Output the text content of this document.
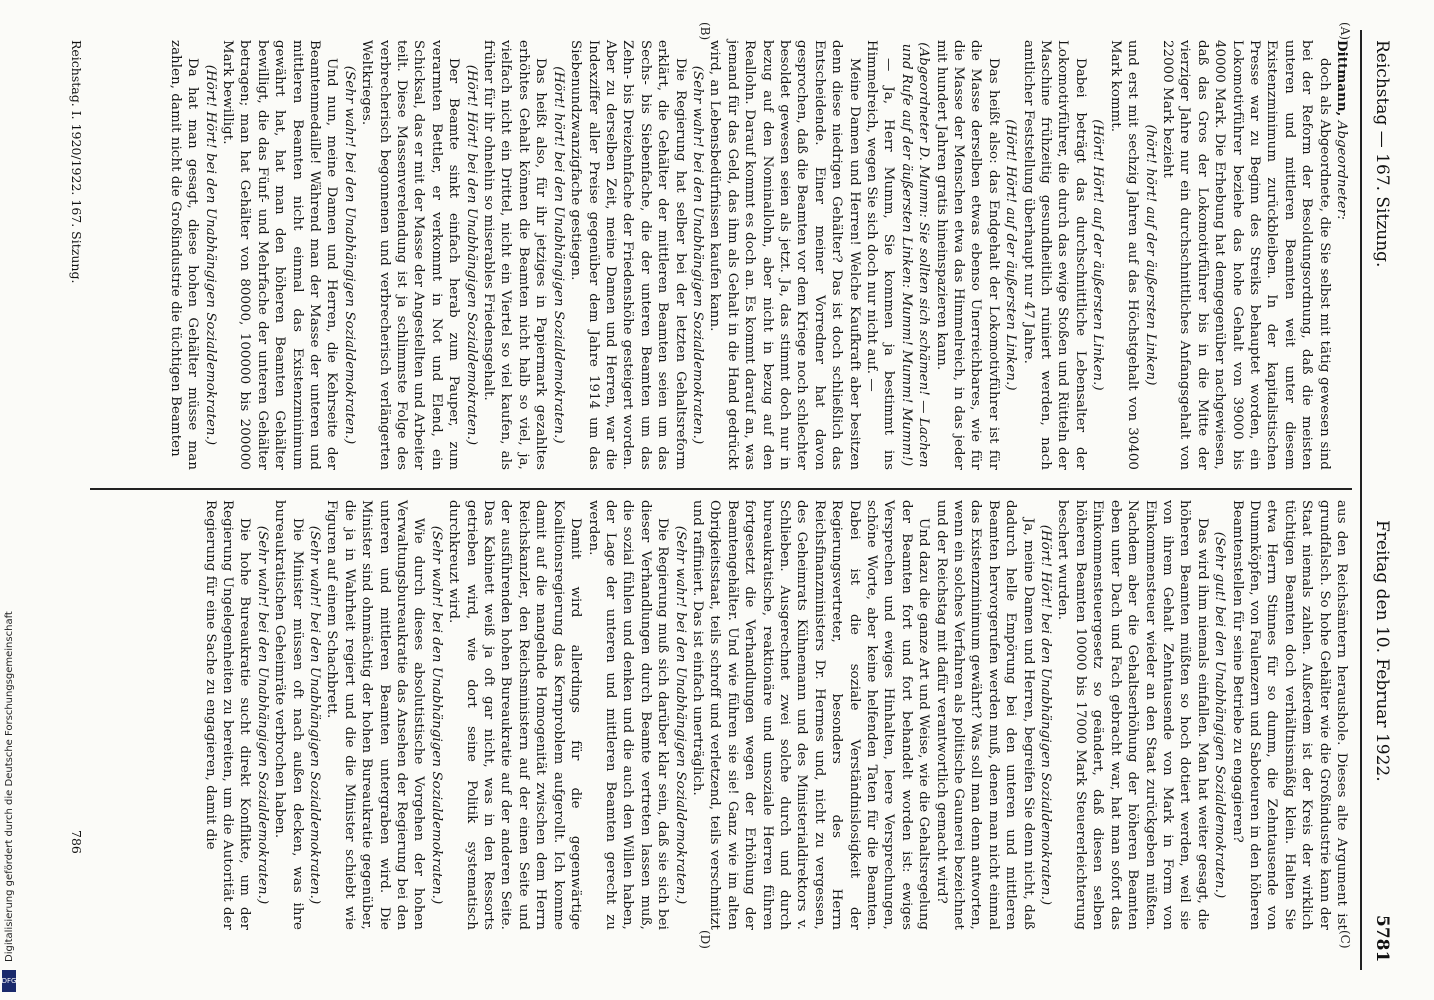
Reichstag — 167. Sitzung.
Freitag den 10. Februar 1922.
5781
(A)
(B)
(C)
(D)

Dittmann, Abgeordneter:

doch als Abgeordnete, die Sie selbst mit tätig gewesen sind bei der Reform der Besoldungsordnung, daß die meisten unteren und mittleren Beamten weit unter diesem Existenzminimum zurückbleiben. In der kapitalistischen Presse war zu Beginn des Streiks behauptet worden, ein Lokomotivführer beziehe das hohe Gehalt von 39000 bis 40000 Mark. Die Erhebung hat demgegenüber nachgewiesen, daß das Gros der Lokomotivführer bis in die Mitte der vierziger Jahre nur ein durchschnittliches Anfangsgehalt von 22000 Mark bezieht

(hört! hört! auf der äußersten Linken)

und erst mit sechzig Jahren auf das Höchstgehalt von 30400 Mark kommt.

(Hört! Hört! auf der äußersten Linken.)

Dabei beträgt das durchschnittliche Lebensalter der Lokomotivführer, die durch das ewige Stoßen und Rütteln der Maschine frühzeitig gesundheitlich ruiniert werden, nach amtlicher Feststellung überhaupt nur 47 Jahre.

(Hört! Hört! auf der äußersten Linken.)

Das heißt also: das Endgehalt der Lokomotivführer ist für die Masse derselben etwas ebenso Unerreichbares, wie für die Masse der Menschen etwa das Himmelreich, in das jeder mit hundert Jahren gratis hineinspazieren kann.

(Abgeordneter D. Mumm: Sie sollten sich schämen! — Lachen und Rufe auf der äußersten Linken: Mumm! Mumm! Mumm!)

— Ja, Herr Mumm, Sie kommen ja bestimmt ins Himmelreich, wegen Sie sich doch nur nicht auf. —

Meine Damen und Herren! Welche Kaufkraft aber besitzen denn diese niedrigen Gehälter? Das ist doch schließlich das Entscheidende. Einer meiner Vorredner hat davon gesprochen, daß die Beamten vor dem Kriege noch schlechter besoldet gewesen seien als jetzt. Ja, das stimmt doch nur in bezug auf den Nominallohn, aber nicht in bezug auf den Reallohn. Darauf kommt es doch an. Es kommt darauf an, was jemand für das Geld, das ihm als Gehalt in die Hand gedrückt wird, an Lebensbedürfnissen kaufen kann.

(Sehr wahr! bei den Unabhängigen Sozialdemokraten.)

Die Regierung hat selber bei der letzten Gehaltsreform erklärt, die Gehälter der mittleren Beamten seien um das Sechs- bis Siebenfache, die der unteren Beamten um das Zehn- bis Dreizehnfache der Friedenshöhe gesteigert worden. Aber zu derselben Zeit, meine Damen und Herren, war die Indexziffer aller Preise gegenüber dem Jahre 1914 um das Siebenundzwanzigfache gestiegen.

(Hört! hört! bei den Unabhängigen Sozialdemokraten.)

Das heißt also, für ihr jetziges in Papiermark gezahltes erhöhtes Gehalt können die Beamten nicht halb so viel, ja, vielfach nicht ein Drittel, nicht ein Viertel so viel kaufen, als früher für ihr ohnehin so miserables Friedensgehalt.

(Hört! Hört! bei den Unabhängigen Sozialdemokraten.)

Der Beamte sinkt einfach herab zum Pauper, zum verarmten Bettler, er verkommt in Not und Elend, ein Schicksal, das er mit der Masse der Angestellten und Arbeiter teilt. Diese Massenverelendung ist ja schlimmste Folge des verbrecherisch begonnenen und verbrecherisch verlängerten Weltkrieges.

(Sehr wahr! bei den Unabhängigen Sozialdemokraten.)

Und nun, meine Damen und Herren, die Kehrseite der Beamtenmedaille! Während man der Masse der unteren und mittleren Beamten nicht einmal das Existenzminimum gewährt hat, hat man den höheren Beamten Gehälter bewilligt, die das Fünf- und Mehrfache der unteren Gehälter betragen; man hat Gehälter von 80000, 100000 bis 200000 Mark bewilligt.

(Hört! Hört! bei den Unabhängigen Sozialdemokraten.)

Da hat man gesagt, diese hohen Gehälter müsse man zahlen, damit nicht die Großindustrie die tüchtigen Beamten

aus den Reichsämtern heraushole. Dieses alte Argument ist grundfalsch. So hohe Gehälter wie die Großindustrie kann der Staat niemals zahlen. Außerdem ist der Kreis der wirklich tüchtigen Beamten doch verhältnismäßig klein. Halten Sie etwa Herrn Stinnes für so dumm, die Zehntausende von Dummköpfen, von Faulenzern und Saboteuren in den höheren Beamtenstellen für seine Betriebe zu engagieren?

(Sehr gut! bei den Unabhängigen Sozialdemokraten.)

Das wird ihm niemals einfallen. Man hat weiter gesagt, die höheren Beamten müßten so hoch dotiert werden, weil sie von ihrem Gehalt Zehntausende von Mark in Form von Einkommensteuer wieder an den Staat zurückgeben müßten. Nachdem aber die Gehaltserhöhung der höheren Beamten eben unter Dach und Fach gebracht war, hat man sofort das Einkommensteuergesetz so geändert, daß diesen selben höheren Beamten 10000 bis 17000 Mark Steuererleichterung beschert wurden.

(Hört! Hört! bei den Unabhängigen Sozialdemokraten.)

Ja, meine Damen und Herren, begreifen Sie denn nicht, daß dadurch helle Empörung bei den unteren und mittleren Beamten hervorgerufen werden muß, denen man nicht einmal das Existenzminimum gewährt? Was soll man denn antworten, wenn ein solches Verfahren als politische Gaunerei bezeichnet und der Reichstag mit dafür verantwortlich gemacht wird?

Und dazu die ganze Art und Weise, wie die Gehaltsregelung der Beamten fort und fort behandelt worden ist: ewiges Versprechen und ewiges Hinhalten, leere Versprechungen, schöne Worte, aber keine helfenden Taten für die Beamten. Dabei ist die soziale Verständnislosigkeit der Regierungsvertreter, besonders des Herrn Reichsfinanzministers Dr. Hermes und, nicht zu vergessen, des Geheimrats Kühnemann und des Ministerialdirektors v. Schlieben. Ausgerechnet zwei solche durch und durch bureaukratische, reaktionäre und unsoziale Herren führen fortgesetzt die Verhandlungen wegen der Erhöhung der Beamtengehälter. Und wie führen sie sie! Ganz wie im alten Obrigkeitsstaat, teils schroff und verletzend, teils verschmitzt und raffiniert. Das ist einfach unerträglich.

(Sehr wahr! bei den Unabhängigen Sozialdemokraten.)

Die Regierung muß sich darüber klar sein, daß sie sich bei dieser Verhandlungen durch Beamte vertreten lassen muß, die sozial fühlen und denken und die auch den Willen haben, der Lage der unteren und mittleren Beamten gerecht zu werden.

Damit wird allerdings für die gegenwärtige Koalitionsregierung das Kernproblem aufgerollt. Ich komme damit auf die mangelnde Homogenität zwischen dem Herrn Reichskanzler, den Reichsministern auf der einen Seite und der ausführenden hohen Bureaukratie auf der anderen Seite. Das Kabinett weiß ja oft gar nicht, was in den Ressorts getrieben wird, wie dort seine Politik systematisch durchkreuzt wird.

(Sehr wahr! bei den Unabhängigen Sozialdemokraten.)

Wie durch dieses absolutistische Vorgehen der hohen Verwaltungsbureaukratie das Ansehen der Regierung bei den unteren und mittleren Beamten untergraben wird. Die Minister sind ohnmächtig der hohen Bureaukratie gegenüber, die ja in Wahrheit regiert und die die Minister schiebt wie Figuren auf einem Schachbrett.

(Sehr wahr! bei den Unabhängigen Sozialdemokraten.)

Die Minister müssen oft nach außen decken, was ihre bureaukratischen Geheimräte verbrochen haben.

(Sehr wahr! bei den Unabhängigen Sozialdemokraten.)

Die hohe Bureaukratie sucht direkt Konflikte, um der Regierung Ungelegenheiten zu bereiten, um die Autorität der Regierung für eine Sache zu engagieren, damit die

Reichstag. I. 1920/1922. 167. Sitzung.
786
Digitalisierung gefördert durch die Deutsche Forschungsgemeinschaft
DFG
